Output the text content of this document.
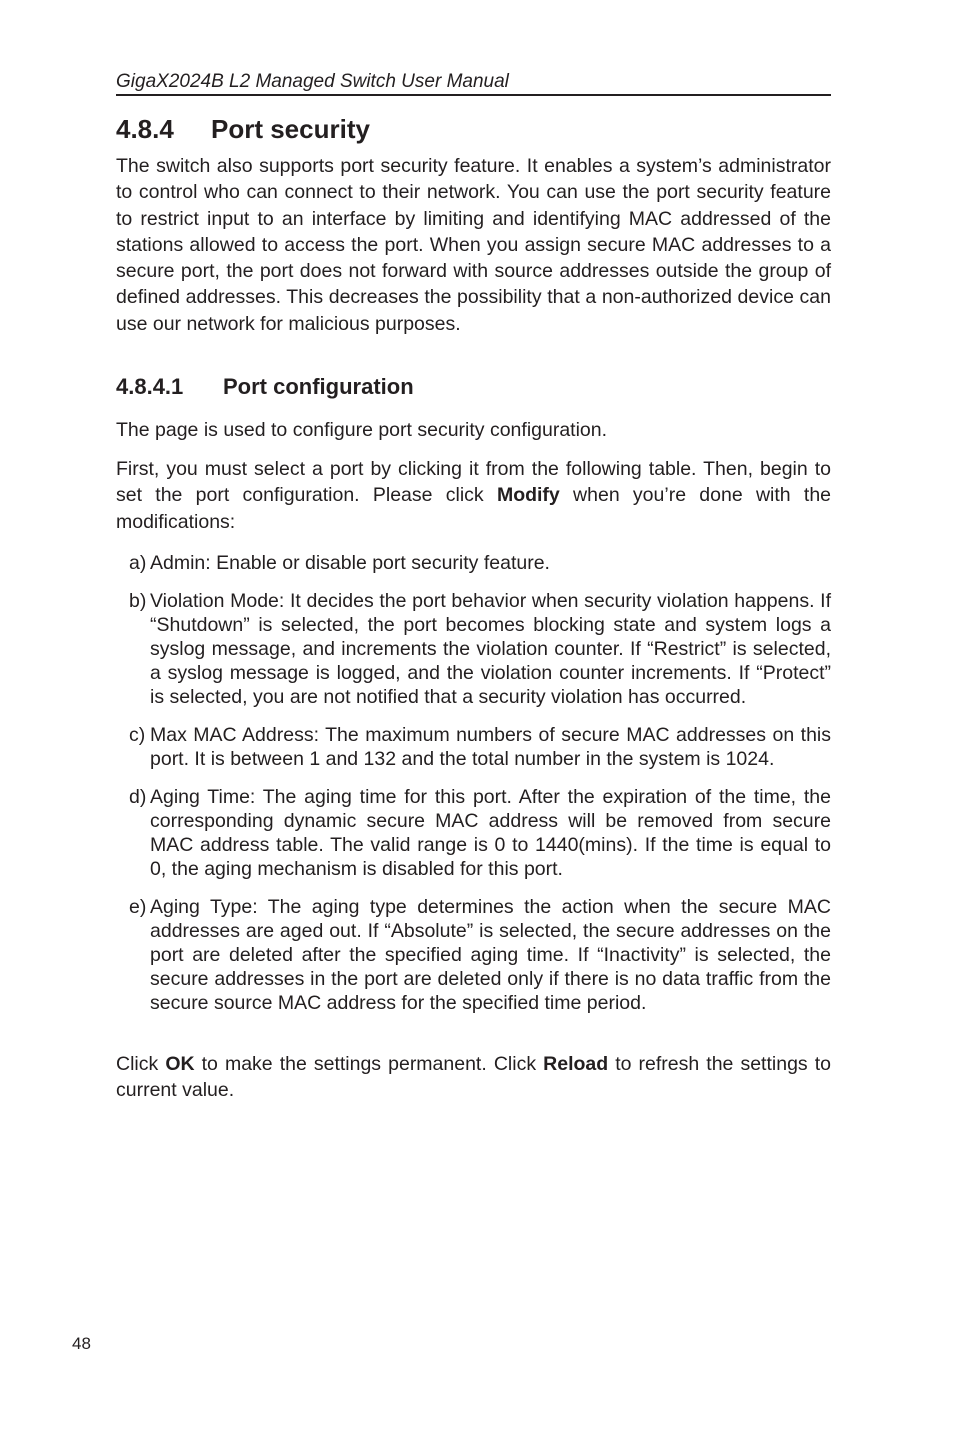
GigaX2024B L2 Managed Switch User Manual
4.8.4 Port security

The switch also supports port security feature. It enables a system’s administrator to control who can connect to their network. You can use the port security feature to restrict input to an interface by limiting and identifying MAC addressed of the stations allowed to access the port. When you assign secure MAC addresses to a secure port, the port does not forward with source addresses outside the group of defined addresses. This decreases the possibility that a non-authorized device can use our network for malicious purposes.

4.8.4.1 Port configuration

The page is used to configure port security configuration.

First, you must select a port by clicking it from the following table. Then, begin to set the port configuration. Please click Modify when you’re done with the modifications:

a) Admin: Enable or disable port security feature.
b) Violation Mode: It decides the port behavior when security violation happens. If “Shutdown” is selected, the port becomes blocking state and system logs a syslog message, and increments the violation counter. If “Restrict” is selected, a syslog message is logged, and the violation counter increments. If “Protect” is selected, you are not notified that a security violation has occurred.
c) Max MAC Address: The maximum numbers of secure MAC addresses on this port. It is between 1 and 132 and the total number in the system is 1024.
d) Aging Time: The aging time for this port. After the expiration of the time, the corresponding dynamic secure MAC address will be removed from secure MAC address table. The valid range is 0 to 1440(mins). If the time is equal to 0, the aging mechanism is disabled for this port.
e) Aging Type: The aging type determines the action when the secure MAC addresses are aged out. If “Absolute” is selected, the secure addresses on the port are deleted after the specified aging time. If “Inactivity” is selected, the secure addresses in the port are deleted only if there is no data traffic from the secure source MAC address for the specified time period.

Click OK to make the settings permanent. Click Reload to refresh the settings to current value.

48
